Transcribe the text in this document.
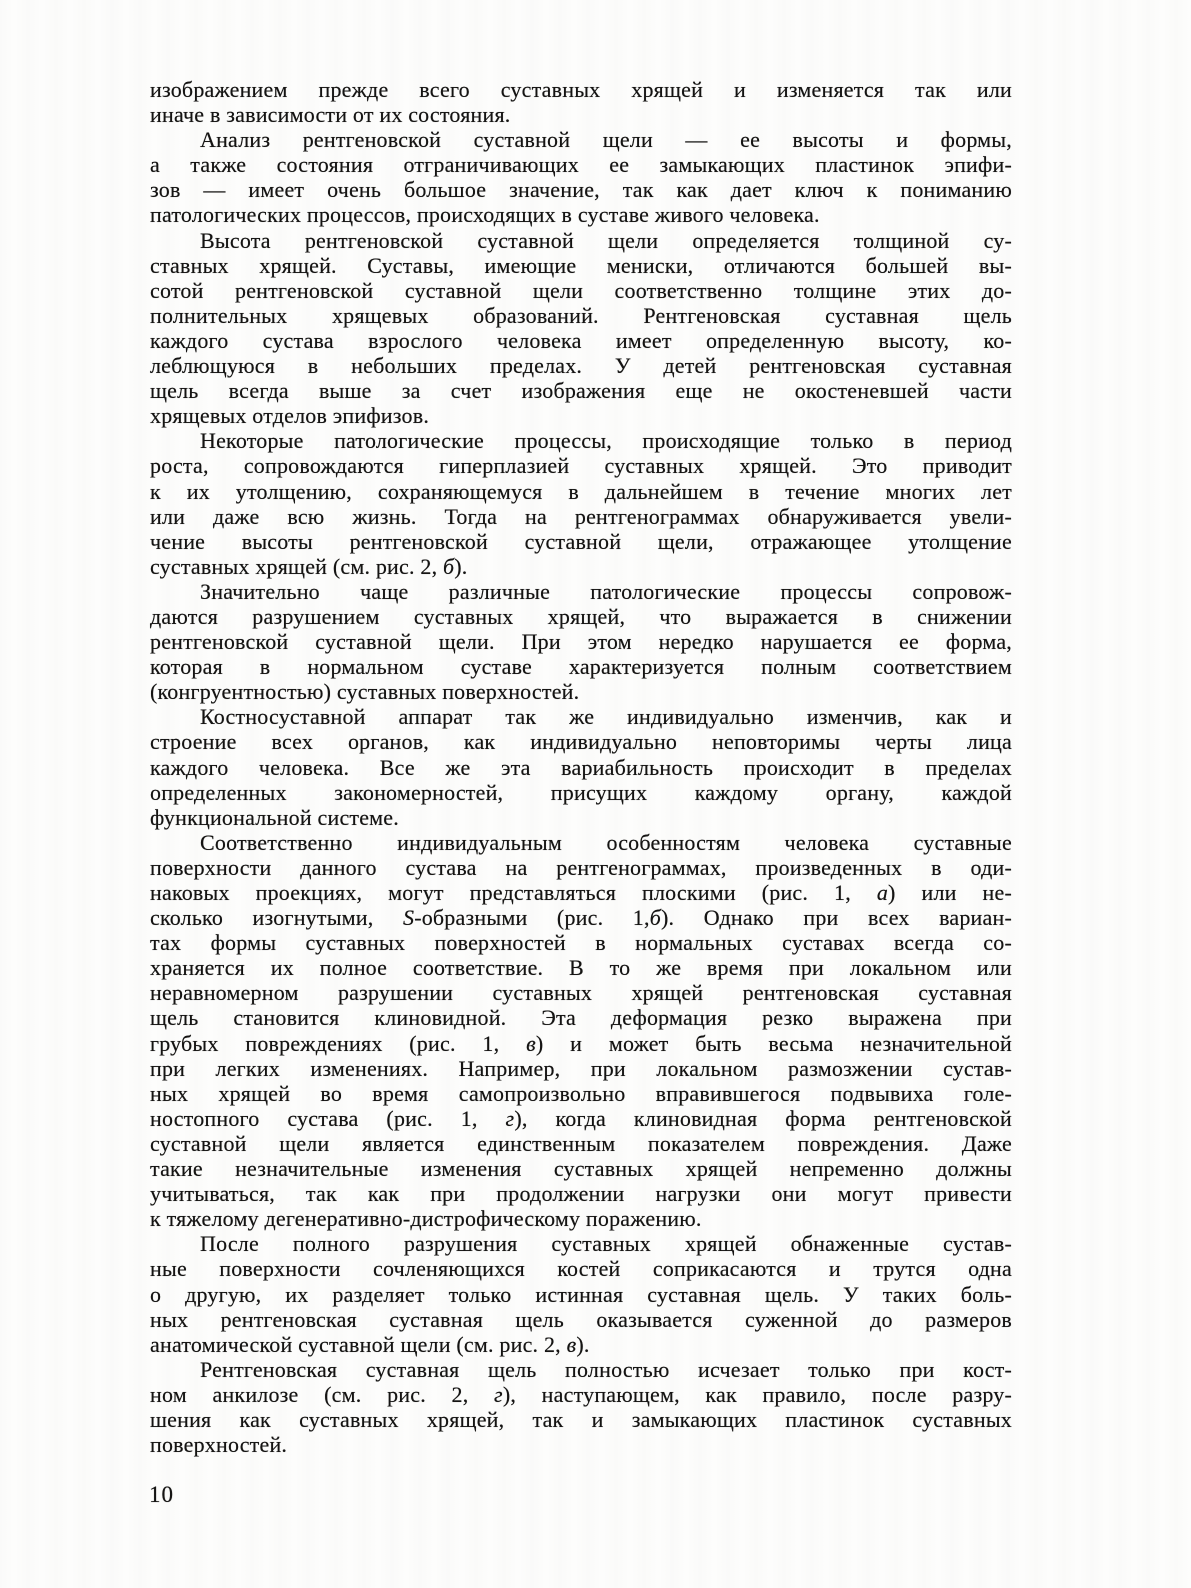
изображением прежде всего суставных хрящей и изменяется так или
иначе в зависимости от их состояния.
Анализ рентгеновской суставной щели — ее высоты и формы,
а также состояния отграничивающих ее замыкающих пластинок эпифи-
зов — имеет очень большое значение, так как дает ключ к пониманию
патологических процессов, происходящих в суставе живого человека.
Высота рентгеновской суставной щели определяется толщиной су-
ставных хрящей. Суставы, имеющие мениски, отличаются большей вы-
сотой рентгеновской суставной щели соответственно толщине этих до-
полнительных хрящевых образований. Рентгеновская суставная щель
каждого сустава взрослого человека имеет определенную высоту, ко-
леблющуюся в небольших пределах. У детей рентгеновская суставная
щель всегда выше за счет изображения еще не окостеневшей части
хрящевых отделов эпифизов.
Некоторые патологические процессы, происходящие только в период
роста, сопровождаются гиперплазией суставных хрящей. Это приводит
к их утолщению, сохраняющемуся в дальнейшем в течение многих лет
или даже всю жизнь. Тогда на рентгенограммах обнаруживается увели-
чение высоты рентгеновской суставной щели, отражающее утолщение
суставных хрящей (см. рис. 2, б).
Значительно чаще различные патологические процессы сопровож-
даются разрушением суставных хрящей, что выражается в снижении
рентгеновской суставной щели. При этом нередко нарушается ее форма,
которая в нормальном суставе характеризуется полным соответствием
(конгруентностью) суставных поверхностей.
Костносуставной аппарат так же индивидуально изменчив, как и
строение всех органов, как индивидуально неповторимы черты лица
каждого человека. Все же эта вариабильность происходит в пределах
определенных закономерностей, присущих каждому органу, каждой
функциональной системе.
Соответственно индивидуальным особенностям человека суставные
поверхности данного сустава на рентгенограммах, произведенных в оди-
наковых проекциях, могут представляться плоскими (рис. 1, а) или не-
сколько изогнутыми, S-образными (рис. 1,б). Однако при всех вариан-
тах формы суставных поверхностей в нормальных суставах всегда со-
храняется их полное соответствие. В то же время при локальном или
неравномерном разрушении суставных хрящей рентгеновская суставная
щель становится клиновидной. Эта деформация резко выражена при
грубых повреждениях (рис. 1, в) и может быть весьма незначительной
при легких изменениях. Например, при локальном размозжении сустав-
ных хрящей во время самопроизвольно вправившегося подвывиха голе-
ностопного сустава (рис. 1, г), когда клиновидная форма рентгеновской
суставной щели является единственным показателем повреждения. Даже
такие незначительные изменения суставных хрящей непременно должны
учитываться, так как при продолжении нагрузки они могут привести
к тяжелому дегенеративно-дистрофическому поражению.
После полного разрушения суставных хрящей обнаженные сустав-
ные поверхности сочленяющихся костей соприкасаются и трутся одна
о другую, их разделяет только истинная суставная щель. У таких боль-
ных рентгеновская суставная щель оказывается суженной до размеров
анатомической суставной щели (см. рис. 2, в).
Рентгеновская суставная щель полностью исчезает только при кост-
ном анкилозе (см. рис. 2, г), наступающем, как правило, после разру-
шения как суставных хрящей, так и замыкающих пластинок суставных
поверхностей.
10
